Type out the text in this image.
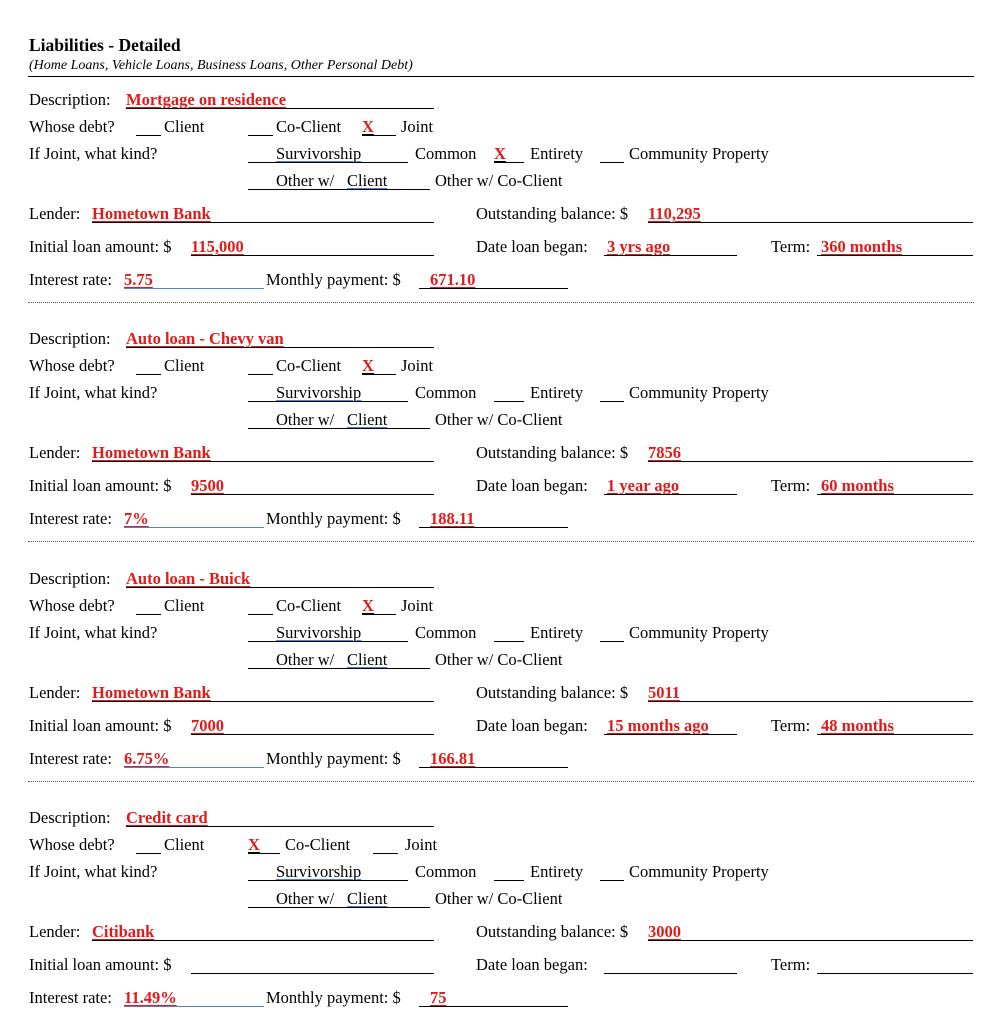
Liabilities - Detailed
(Home Loans, Vehicle Loans, Business Loans, Other Personal Debt)
Description: Mortgage on residence
Whose debt?	Client	Co-Client X Joint
If Joint, what kind?	Survivorship	Common X Entirety	Community Property
Other w/ Client	Other w/ Co-Client
Lender: Hometown Bank	Outstanding balance: $ 110,295
Initial loan amount: $ 115,000	Date loan began: 3 yrs ago	Term: 360 months
Interest rate: 5.75	Monthly payment: $ 671.10
Description: Auto loan - Chevy van
Whose debt?	Client	Co-Client X Joint
If Joint, what kind?	Survivorship	Common	Entirety	Community Property
Other w/ Client	Other w/ Co-Client
Lender: Hometown Bank	Outstanding balance: $ 7856
Initial loan amount: $ 9500	Date loan began: 1 year ago	Term: 60 months
Interest rate: 7%	Monthly payment: $ 188.11
Description: Auto loan - Buick
Whose debt?	Client	Co-Client X Joint
If Joint, what kind?	Survivorship	Common	Entirety	Community Property
Other w/ Client	Other w/ Co-Client
Lender: Hometown Bank	Outstanding balance: $ 5011
Initial loan amount: $ 7000	Date loan began: 15 months ago	Term: 48 months
Interest rate: 6.75%	Monthly payment: $ 166.81
Description: Credit card
Whose debt?	Client	X Co-Client	Joint
If Joint, what kind?	Survivorship	Common	Entirety	Community Property
Other w/ Client	Other w/ Co-Client
Lender: Citibank	Outstanding balance: $ 3000
Initial loan amount: $	Date loan began:	Term:
Interest rate: 11.49%	Monthly payment: $ 75
